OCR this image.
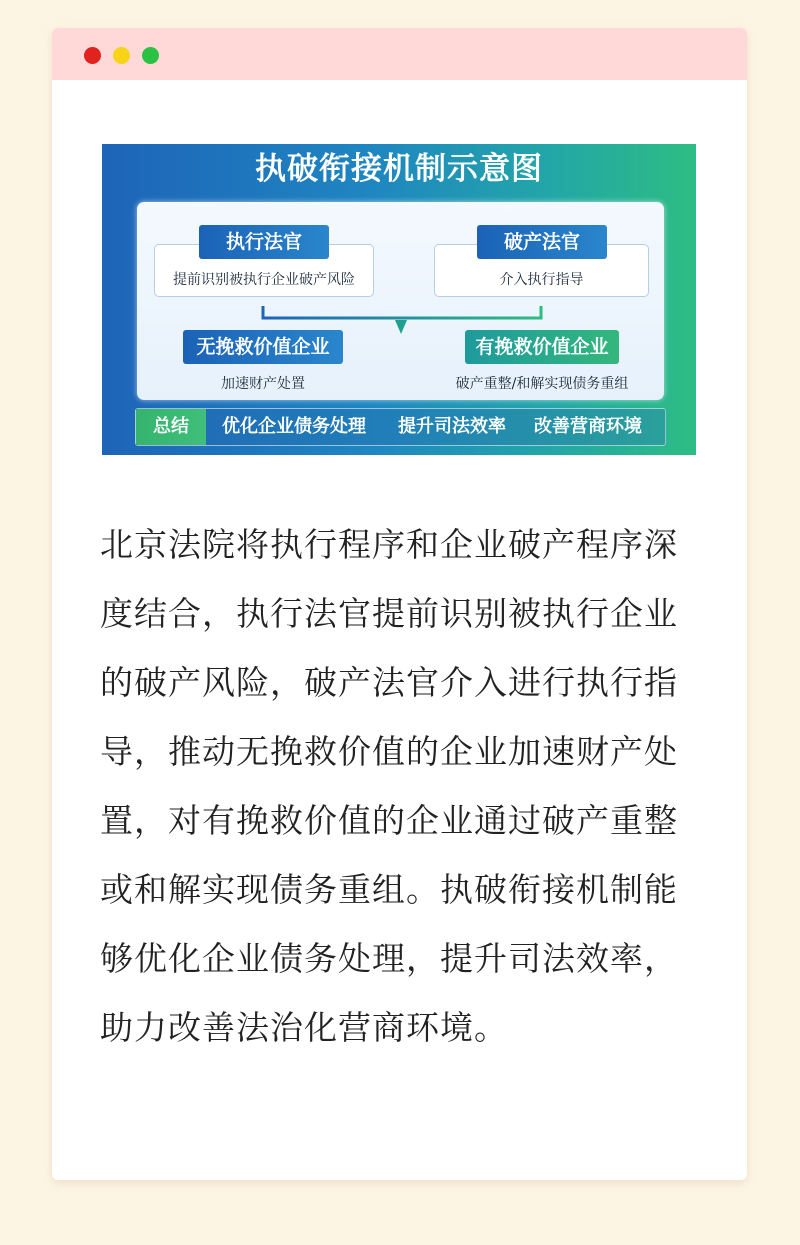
执破衔接机制示意图
提前识别被执行企业破产风险	介入执行指导
执行法官	破产法官
无挽救价值企业	有挽救价值企业
加速财产处置	破产重整/和解实现债务重组
总结	优化企业债务处理 提升司法效率 改善营商环境

北京法院将执行程序和企业破产程序深度结合，执行法官提前识别被执行企业的破产风险，破产法官介入进行执行指导，推动无挽救价值的企业加速财产处置，对有挽救价值的企业通过破产重整或和解实现债务重组。执破衔接机制能够优化企业债务处理，提升司法效率，助力改善法治化营商环境。
